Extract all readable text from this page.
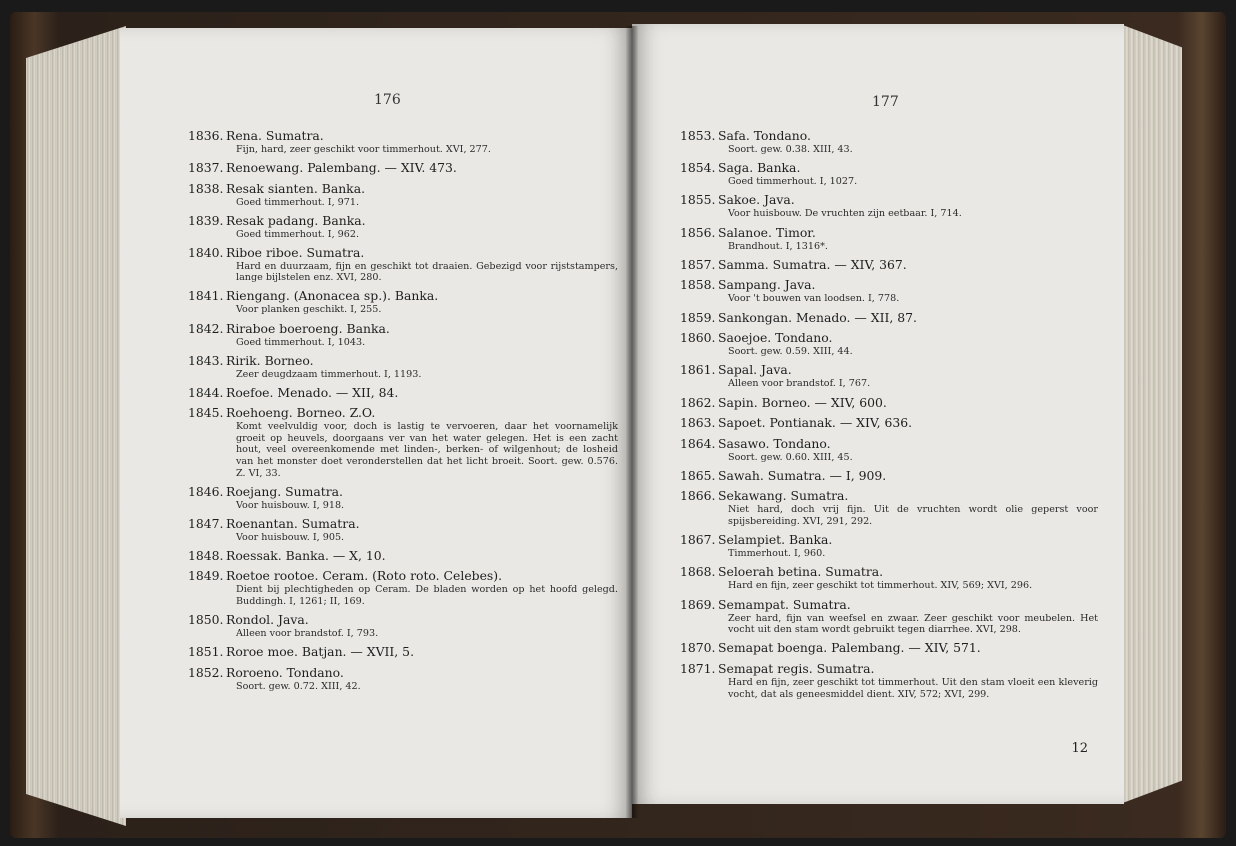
176
1836. Rena. Sumatra.
Fijn, hard, zeer geschikt voor timmerhout. XVI, 277.
1837. Renoewang. Palembang. — XIV. 473.
1838. Resak sianten. Banka.
Goed timmerhout. I, 971.
1839. Resak padang. Banka.
Goed timmerhout. I, 962.
1840. Riboe riboe. Sumatra.
Hard en duurzaam, fijn en geschikt tot draaien. Gebezigd voor rijststampers, lange bijlstelen enz. XVI, 280.
1841. Riengang. (Anonacea sp.). Banka.
Voor planken geschikt. I, 255.
1842. Riraboe boeroeng. Banka.
Goed timmerhout. I, 1043.
1843. Ririk. Borneo.
Zeer deugdzaam timmerhout. I, 1193.
1844. Roefoe. Menado. — XII, 84.
1845. Roehoeng. Borneo. Z.O.
Komt veelvuldig voor, doch is lastig te vervoeren, daar het voornamelijk groeit op heuvels, doorgaans ver van het water gelegen. Het is een zacht hout, veel overeenkomende met linden-, berken- of wilgenhout; de losheid van het monster doet veronderstellen dat het licht broeit. Soort. gew. 0.576. Z. VI, 33.
1846. Roejang. Sumatra.
Voor huisbouw. I, 918.
1847. Roenantan. Sumatra.
Voor huisbouw. I, 905.
1848. Roessak. Banka. — X, 10.
1849. Roetoe rootoe. Ceram. (Roto roto. Celebes).
Dient bij plechtigheden op Ceram. De bladen worden op het hoofd gelegd. Buddingh. I, 1261; II, 169.
1850. Rondol. Java.
Alleen voor brandstof. I, 793.
1851. Roroe moe. Batjan. — XVII, 5.
1852. Roroeno. Tondano.
Soort. gew. 0.72. XIII, 42.
177
1853. Safa. Tondano.
Soort. gew. 0.38. XIII, 43.
1854. Saga. Banka.
Goed timmerhout. I, 1027.
1855. Sakoe. Java.
Voor huisbouw. De vruchten zijn eetbaar. I, 714.
1856. Salanoe. Timor.
Brandhout. I, 1316*.
1857. Samma. Sumatra. — XIV, 367.
1858. Sampang. Java.
Voor 't bouwen van loodsen. I, 778.
1859. Sankongan. Menado. — XII, 87.
1860. Saoejoe. Tondano.
Soort. gew. 0.59. XIII, 44.
1861. Sapal. Java.
Alleen voor brandstof. I, 767.
1862. Sapin. Borneo. — XIV, 600.
1863. Sapoet. Pontianak. — XIV, 636.
1864. Sasawo. Tondano.
Soort. gew. 0.60. XIII, 45.
1865. Sawah. Sumatra. — I, 909.
1866. Sekawang. Sumatra.
Niet hard, doch vrij fijn. Uit de vruchten wordt olie geperst voor spijsbereiding. XVI, 291, 292.
1867. Selampiet. Banka.
Timmerhout. I, 960.
1868. Seloerah betina. Sumatra.
Hard en fijn, zeer geschikt tot timmerhout. XIV, 569; XVI, 296.
1869. Semampat. Sumatra.
Zeer hard, fijn van weefsel en zwaar. Zeer geschikt voor meubelen. Het vocht uit den stam wordt gebruikt tegen diarrhee. XVI, 298.
1870. Semapat boenga. Palembang. — XIV, 571.
1871. Semapat regis. Sumatra.
Hard en fijn, zeer geschikt tot timmerhout. Uit den stam vloeit een kleverig vocht, dat als geneesmiddel dient. XIV, 572; XVI, 299.
12
